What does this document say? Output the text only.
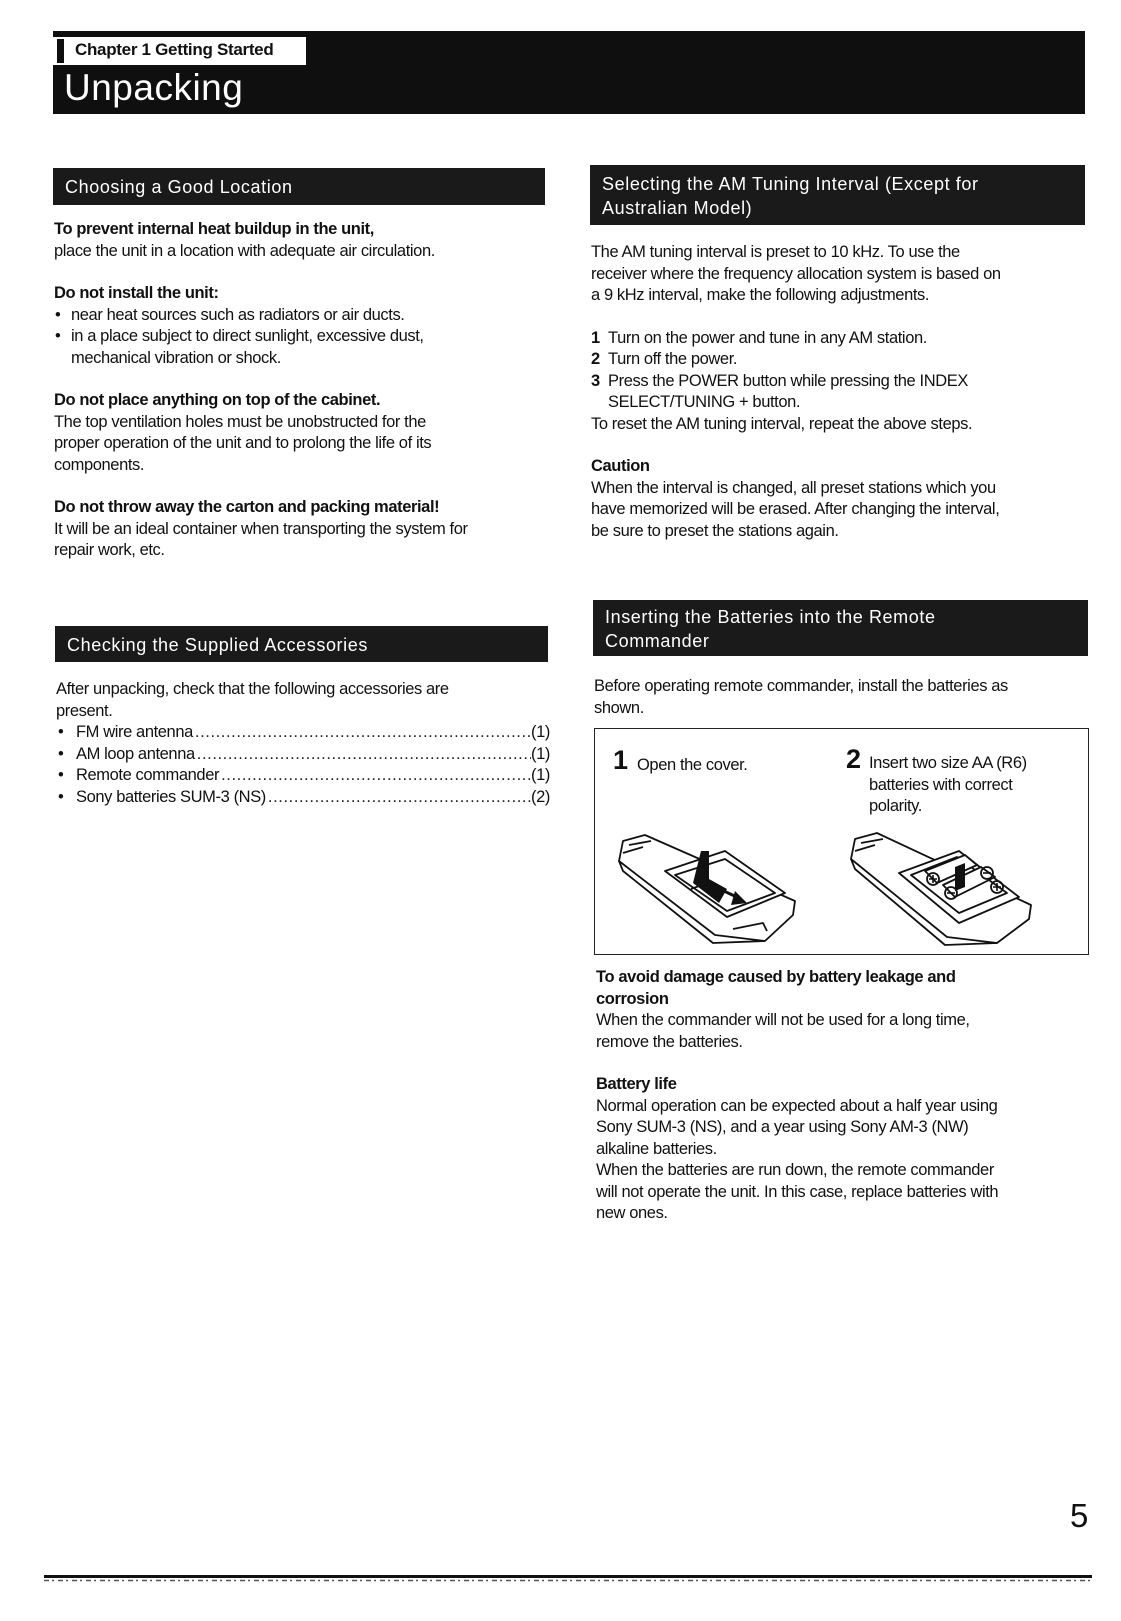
Chapter 1 Getting Started
Unpacking
Choosing a Good Location

To prevent internal heat buildup in the unit,

place the unit in a location with adequate air circulation.

Do not install the unit:

• near heat sources such as radiators or air ducts.

• in a place subject to direct sunlight, excessive dust,

mechanical vibration or shock.

Do not place anything on top of the cabinet.

The top ventilation holes must be unobstructed for the

proper operation of the unit and to prolong the life of its

components.

Do not throw away the carton and packing material!

It will be an ideal container when transporting the system for

repair work, etc.

Checking the Supplied Accessories

After unpacking, check that the following accessories are

present.

• FM wire antenna .....	(1)
• AM loop antenna .....	(1)
• Remote commander .....	(1)
• Sony batteries SUM-3 (NS) .....	(2)
Selecting the AM Tuning Interval (Except for
Australian Model)

The AM tuning interval is preset to 10 kHz. To use the

receiver where the frequency allocation system is based on

a 9 kHz interval, make the following adjustments.

1 Turn on the power and tune in any AM station.

2 Turn off the power.

3 Press the POWER button while pressing the INDEX

SELECT/TUNING + button.

To reset the AM tuning interval, repeat the above steps.

Caution

When the interval is changed, all preset stations which you

have memorized will be erased. After changing the interval,

be sure to preset the stations again.

Inserting the Batteries into the Remote
Commander

Before operating remote commander, install the batteries as

shown.

1 Open the cover.	2 Insert two size AA (R6)

batteries with correct

polarity.

To avoid damage caused by battery leakage and

corrosion

When the commander will not be used for a long time,

remove the batteries.

Battery life

Normal operation can be expected about a half year using

Sony SUM-3 (NS), and a year using Sony AM-3 (NW)

alkaline batteries.

When the batteries are run down, the remote commander

will not operate the unit. In this case, replace batteries with

new ones.

5
